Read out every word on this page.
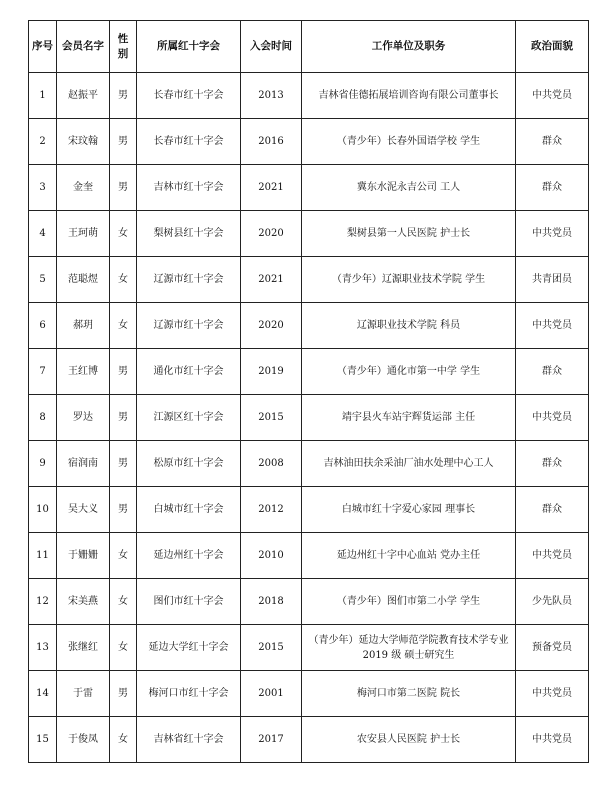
序号	会员名字	性别	所属红十字会	入会时间	工作单位及职务	政治面貌
1	赵振平	男	长春市红十字会	2013	吉林省佳德拓展培训咨询有限公司董事长	中共党员
2	宋玟翰	男	长春市红十字会	2016	（青少年）长春外国语学校 学生	群众
3	金奎	男	吉林市红十字会	2021	冀东水泥永吉公司 工人	群众
4	王珂萌	女	梨树县红十字会	2020	梨树县第一人民医院 护士长	中共党员
5	范聪煜	女	辽源市红十字会	2021	（青少年）辽源职业技术学院 学生	共青团员
6	郝玥	女	辽源市红十字会	2020	辽源职业技术学院 科员	中共党员
7	王红博	男	通化市红十字会	2019	（青少年）通化市第一中学 学生	群众
8	罗达	男	江源区红十字会	2015	靖宇县火车站宇辉货运部 主任	中共党员
9	宿润南	男	松原市红十字会	2008	吉林油田扶余采油厂油水处理中心工人	群众
10	吴大义	男	白城市红十字会	2012	白城市红十字爱心家园 理事长	群众
11	于姗姗	女	延边州红十字会	2010	延边州红十字中心血站 党办主任	中共党员
12	宋美燕	女	图们市红十字会	2018	（青少年）图们市第二小学 学生	少先队员
13	张继红	女	延边大学红十字会	2015	（青少年）延边大学师范学院教育技术学专业 2019 级 硕士研究生	预备党员
14	于雷	男	梅河口市红十字会	2001	梅河口市第二医院 院长	中共党员
15	于俊凤	女	吉林省红十字会	2017	农安县人民医院 护士长	中共党员
